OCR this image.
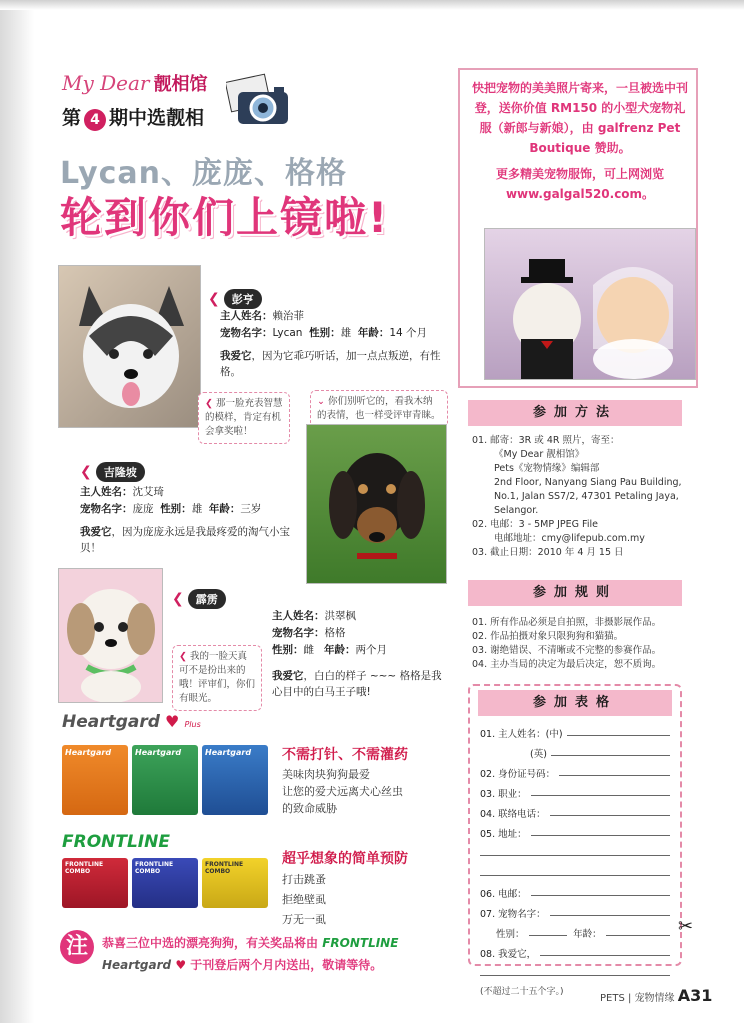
My Dear 靓相馆
第 4 期中选靓相
Lycan、庞庞、格格
轮到你们上镜啦!
❮	彭亨
主人姓名：赖治菲
宠物名字：Lycan 性别：雄 年龄：14 个月
我爱它，因为它乖巧听话，加一点点叛逆，有性格。
❮ 那一脸充表智慧的模样，肯定有机会拿奖啦！
⌄ 你们别听它的，看我木纳的表情，也一样受评审青睐。
❮	吉隆坡
主人姓名：沈艾琦
宠物名字：庞庞 性别：雄 年龄：三岁
我爱它，因为庞庞永远是我最疼爱的淘气小宝贝！
❮	霹雳
主人姓名：洪翠枫
宠物名字：格格
性别：雌 年龄：两个月
我爱它，白白的样子 ~~~ 格格是我心目中的白马王子哦!
❮ 我的一脸天真可不是扮出来的哦！评审们，你们有眼光。
Heartgard ♥ Plus
Heartgard	Heartgard	Heartgard	不需打针、不需灌药
美味肉块狗狗最爱
让您的爱犬远离犬心丝虫
的致命威胁
FRONTLINE
FRONTLINE COMBO
FRONTLINE COMBO
FRONTLINE COMBO
超乎想象的简单预防
打击跳蚤
拒绝壁虱
万无一虱
注	恭喜三位中选的漂亮狗狗，有关奖品将由 FRONTLINE
Heartgard ♥ 于刊登后两个月内送出，敬请等待。
快把宠物的美美照片寄来，一旦被选中刊登，送你价值 RM150 的小型犬宠物礼服（新郎与新娘），由 galfrenz Pet Boutique 赞助。
更多精美宠物服饰，可上网浏览 www.galgal520.com。
参加方法
01. 邮寄：3R 或 4R 照片，寄至：
《My Dear 靓相馆》
Pets《宠物情缘》编辑部
2nd Floor, Nanyang Siang Pau Building,
No.1, Jalan SS7/2, 47301 Petaling Jaya,
Selangor.
02. 电邮：3 - 5MP JPEG File
电邮地址：cmy@lifepub.com.my
03. 截止日期：2010 年 4 月 15 日
参加规则
01. 所有作品必须是自拍照，非摄影展作品。
02. 作品拍摄对象只限狗狗和猫猫。
03. 谢绝错误、不清晰或不完整的参赛作品。
04. 主办当局的决定为最后决定，恕不质询。
参加表格
01. 主人姓名：(中)
(英)
02. 身份证号码：
03. 职业：
04. 联络电话：
05. 地址：
06. 电邮：
07. 宠物名字：
性别：	年龄：
08. 我爱它，
(不超过二十五个字。)
✂
PETS | 宠物情缘 A31
